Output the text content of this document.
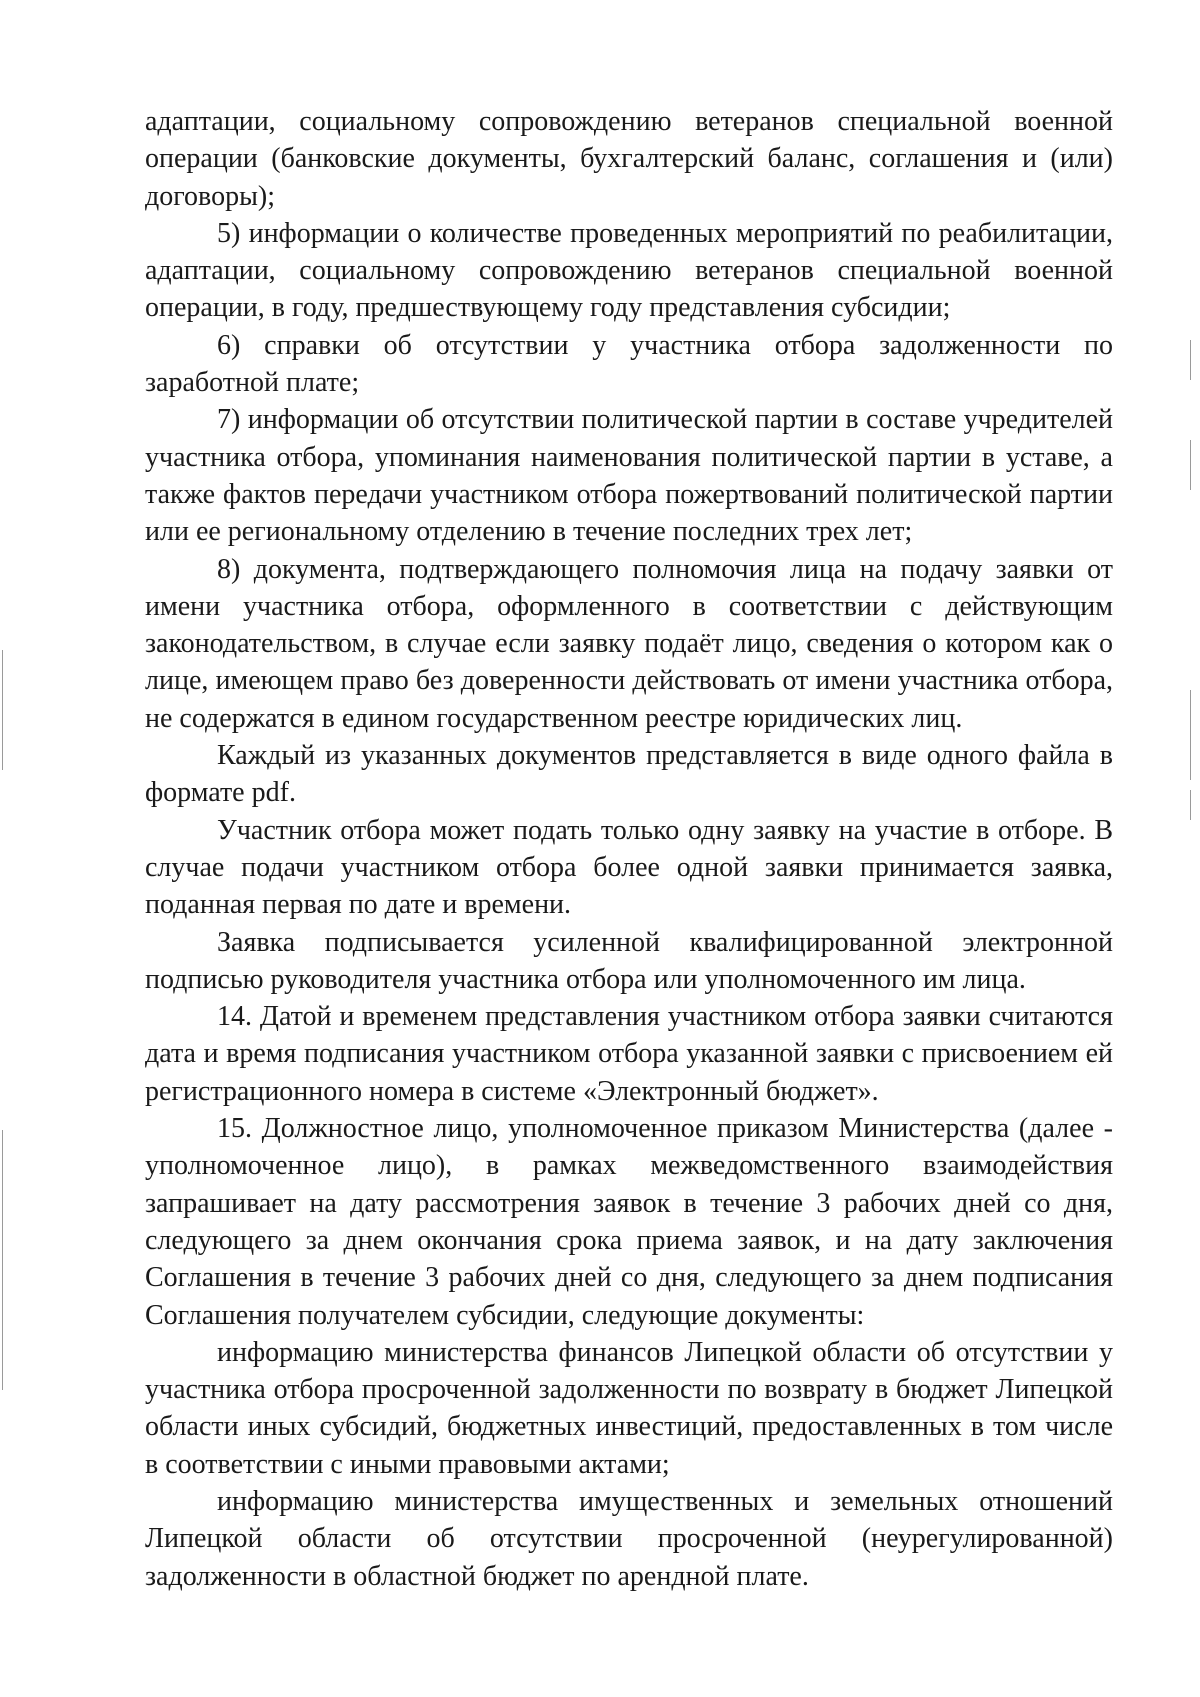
адаптации, социальному сопровождению ветеранов специальной военной операции (банковские документы, бухгалтерский баланс, соглашения и (или) договоры);

5) информации о количестве проведенных мероприятий по реабилитации, адаптации, социальному сопровождению ветеранов специальной военной операции, в году, предшествующему году представления субсидии;

6) справки об отсутствии у участника отбора задолженности по заработной плате;

7) информации об отсутствии политической партии в составе учредителей участника отбора, упоминания наименования политической партии в уставе, а также фактов передачи участником отбора пожертвований политической партии или ее региональному отделению в течение последних трех лет;

8) документа, подтверждающего полномочия лица на подачу заявки от имени участника отбора, оформленного в соответствии с действующим законодательством, в случае если заявку подаёт лицо, сведения о котором как о лице, имеющем право без доверенности действовать от имени участника отбора, не содержатся в едином государственном реестре юридических лиц.

Каждый из указанных документов представляется в виде одного файла в формате pdf.

Участник отбора может подать только одну заявку на участие в отборе. В случае подачи участником отбора более одной заявки принимается заявка, поданная первая по дате и времени.

Заявка подписывается усиленной квалифицированной электронной подписью руководителя участника отбора или уполномоченного им лица.

14. Датой и временем представления участником отбора заявки считаются дата и время подписания участником отбора указанной заявки с присвоением ей регистрационного номера в системе «Электронный бюджет».

15. Должностное лицо, уполномоченное приказом Министерства (далее - уполномоченное лицо), в рамках межведомственного взаимодействия запрашивает на дату рассмотрения заявок в течение 3 рабочих дней со дня, следующего за днем окончания срока приема заявок, и на дату заключения Соглашения в течение 3 рабочих дней со дня, следующего за днем подписания Соглашения получателем субсидии, следующие документы:

информацию министерства финансов Липецкой области об отсутствии у участника отбора просроченной задолженности по возврату в бюджет Липецкой области иных субсидий, бюджетных инвестиций, предоставленных в том числе в соответствии с иными правовыми актами;

информацию министерства имущественных и земельных отношений Липецкой области об отсутствии просроченной (неурегулированной) задолженности в областной бюджет по арендной плате.
